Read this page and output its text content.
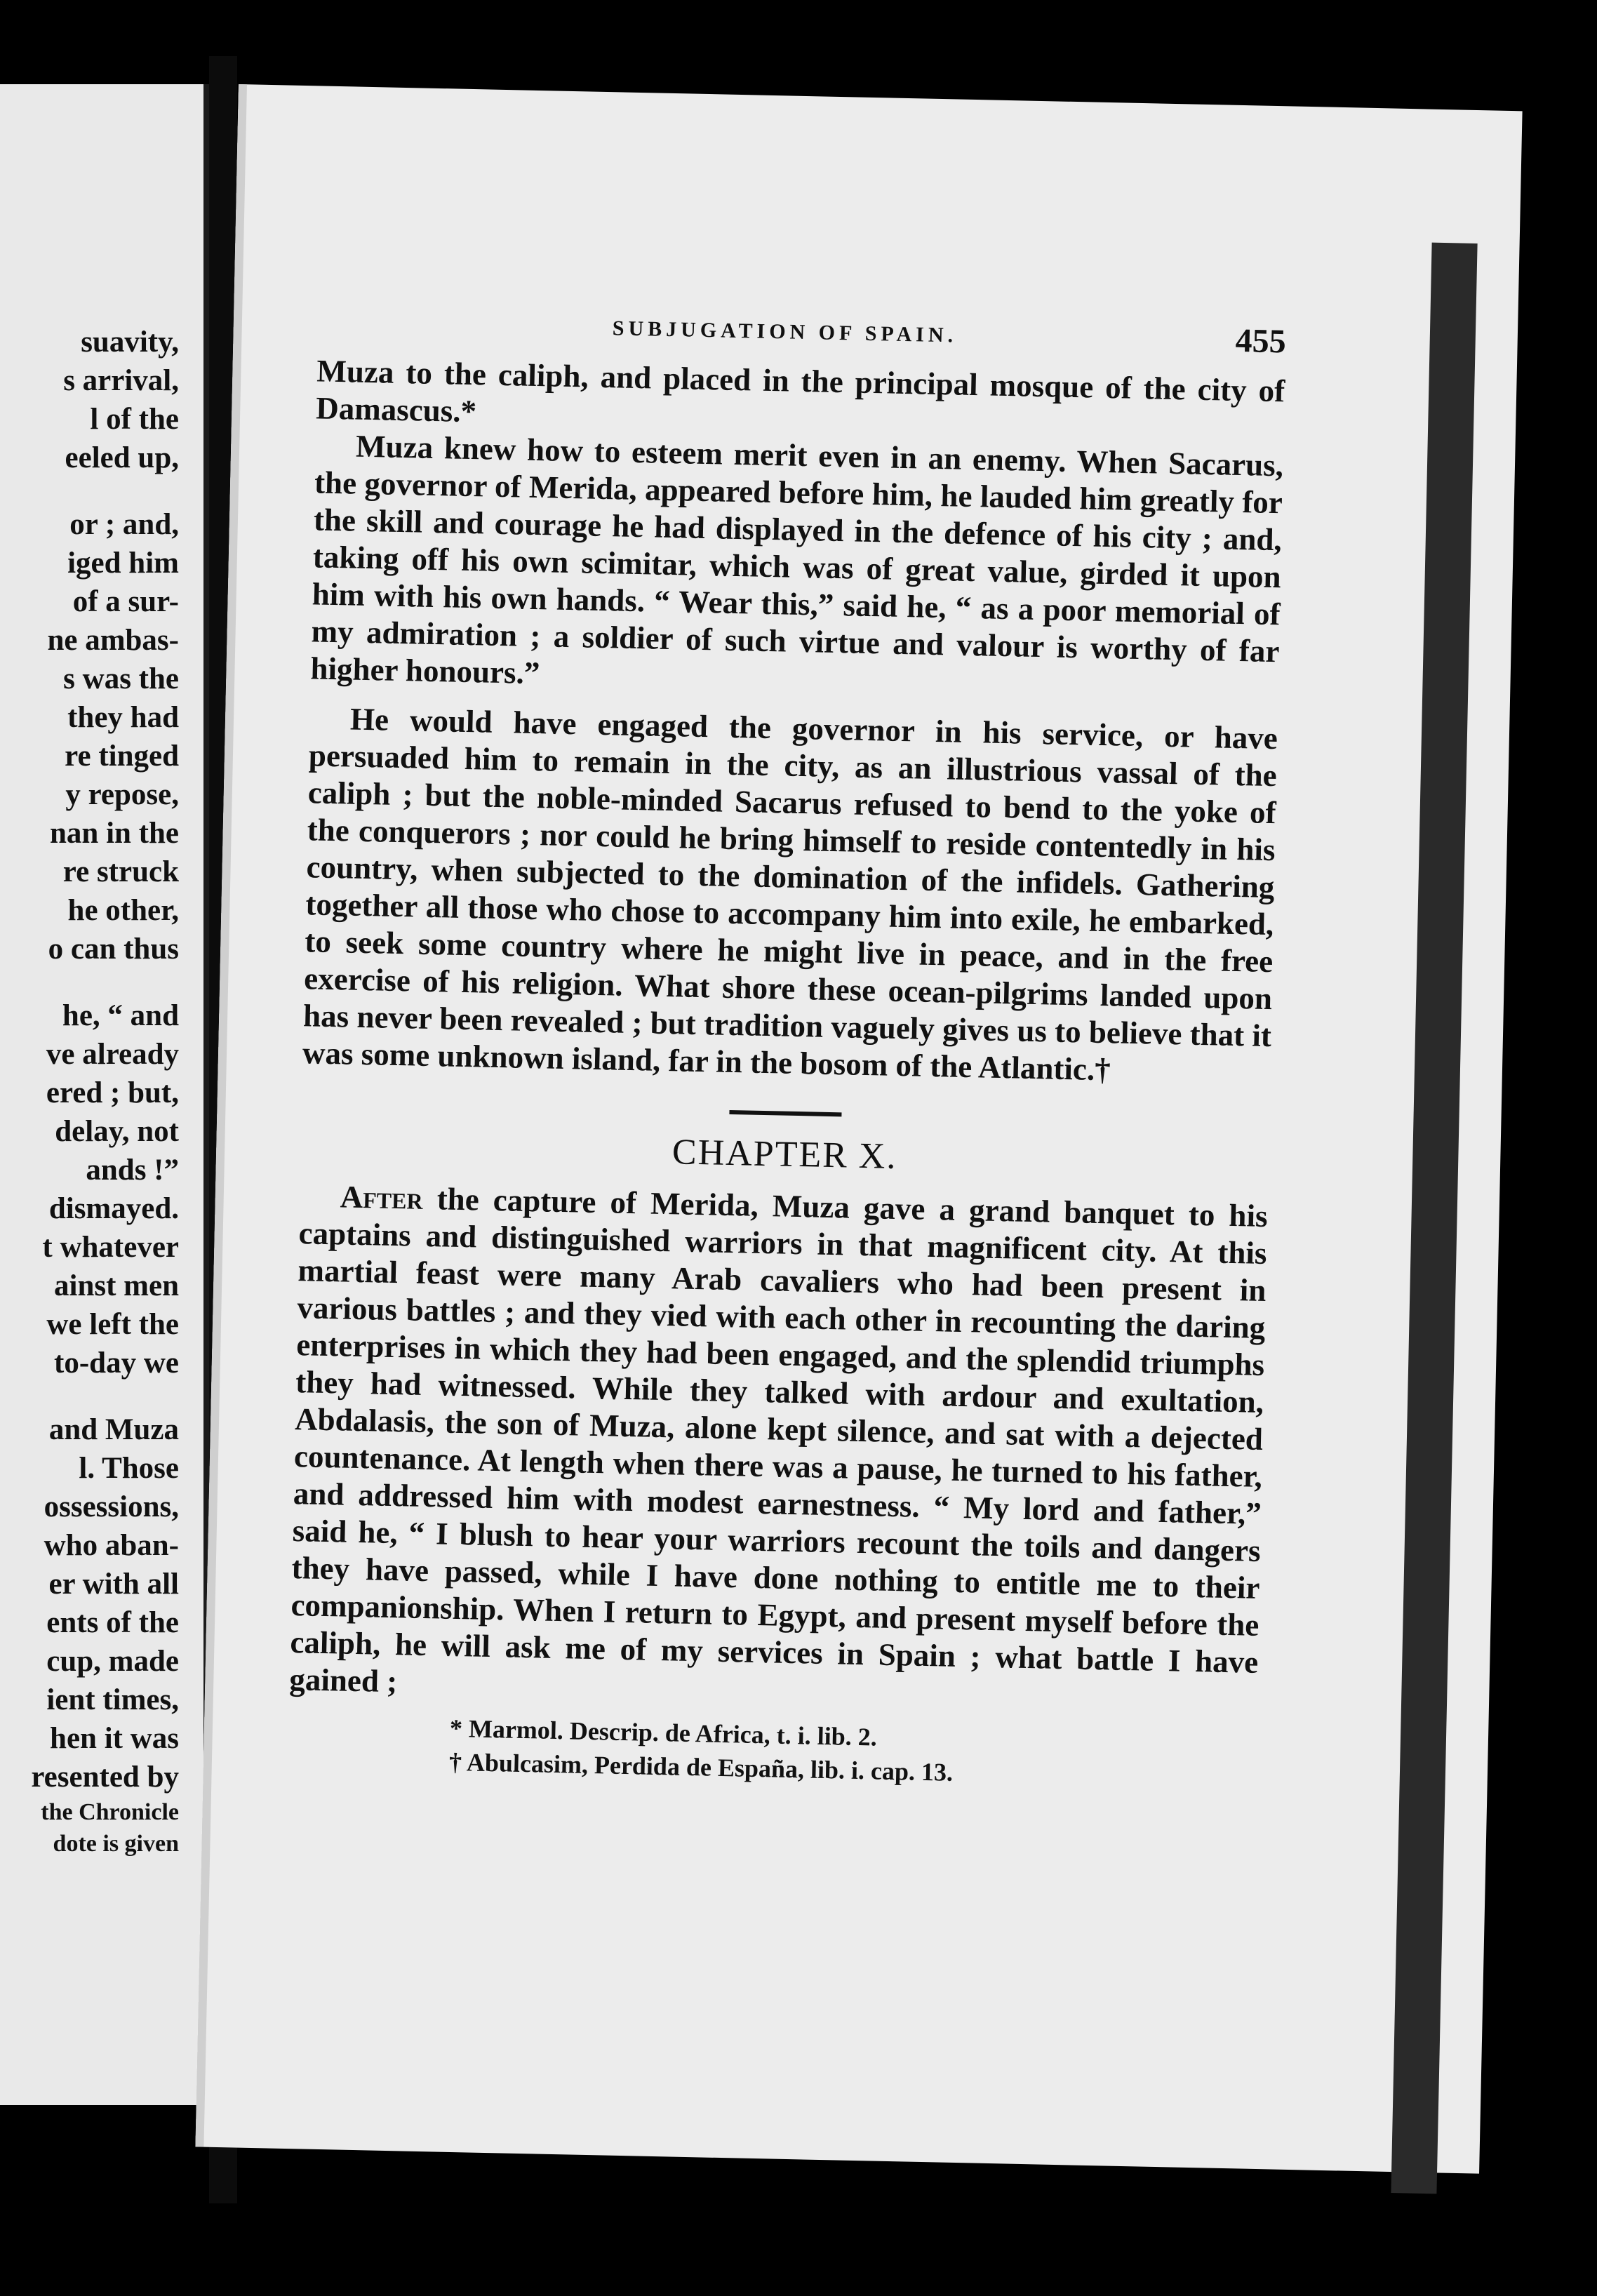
suavity,
s arrival,
l of the
eeled up,
or ; and,
iged him
of a sur-
ne ambas-
s was the
they had
re tinged
y repose,
nan in the
re struck
he other,
o can thus
he, “ and
ve already
ered ; but,
delay, not
ands !”
dismayed.
t whatever
ainst men
we left the
to-day we
and Muza
l. Those
ossessions,
who aban-
er with all
ents of the
cup, made
ient times,
hen it was
resented by
the Chronicle
dote is given
SUBJUGATION OF SPAIN.	455

Muza to the caliph, and placed in the principal mosque of the city of Damascus.*

Muza knew how to esteem merit even in an enemy. When Sacarus, the governor of Merida, appeared before him, he lauded him greatly for the skill and courage he had displayed in the defence of his city ; and, taking off his own scimitar, which was of great value, girded it upon him with his own hands. “ Wear this,” said he, “ as a poor memorial of my admiration ; a soldier of such virtue and valour is worthy of far higher honours.”

He would have engaged the governor in his service, or have persuaded him to remain in the city, as an illustrious vassal of the caliph ; but the noble-minded Sacarus refused to bend to the yoke of the conquerors ; nor could he bring himself to reside contentedly in his country, when subjected to the domination of the infidels. Gathering together all those who chose to accompany him into exile, he embarked, to seek some country where he might live in peace, and in the free exercise of his religion. What shore these ocean-pilgrims landed upon has never been revealed ; but tradition vaguely gives us to believe that it was some unknown island, far in the bosom of the Atlantic.†

CHAPTER X.

After the capture of Merida, Muza gave a grand banquet to his captains and distinguished warriors in that magnificent city. At this martial feast were many Arab cavaliers who had been present in various battles ; and they vied with each other in recounting the daring enterprises in which they had been engaged, and the splendid triumphs they had witnessed. While they talked with ardour and exultation, Abdalasis, the son of Muza, alone kept silence, and sat with a dejected countenance. At length when there was a pause, he turned to his father, and addressed him with modest earnestness. “ My lord and father,” said he, “ I blush to hear your warriors recount the toils and dangers they have passed, while I have done nothing to entitle me to their companionship. When I return to Egypt, and present myself before the caliph, he will ask me of my services in Spain ; what battle I have gained ;

* Marmol. Descrip. de Africa, t. i. lib. 2.
† Abulcasim, Perdida de España, lib. i. cap. 13.
